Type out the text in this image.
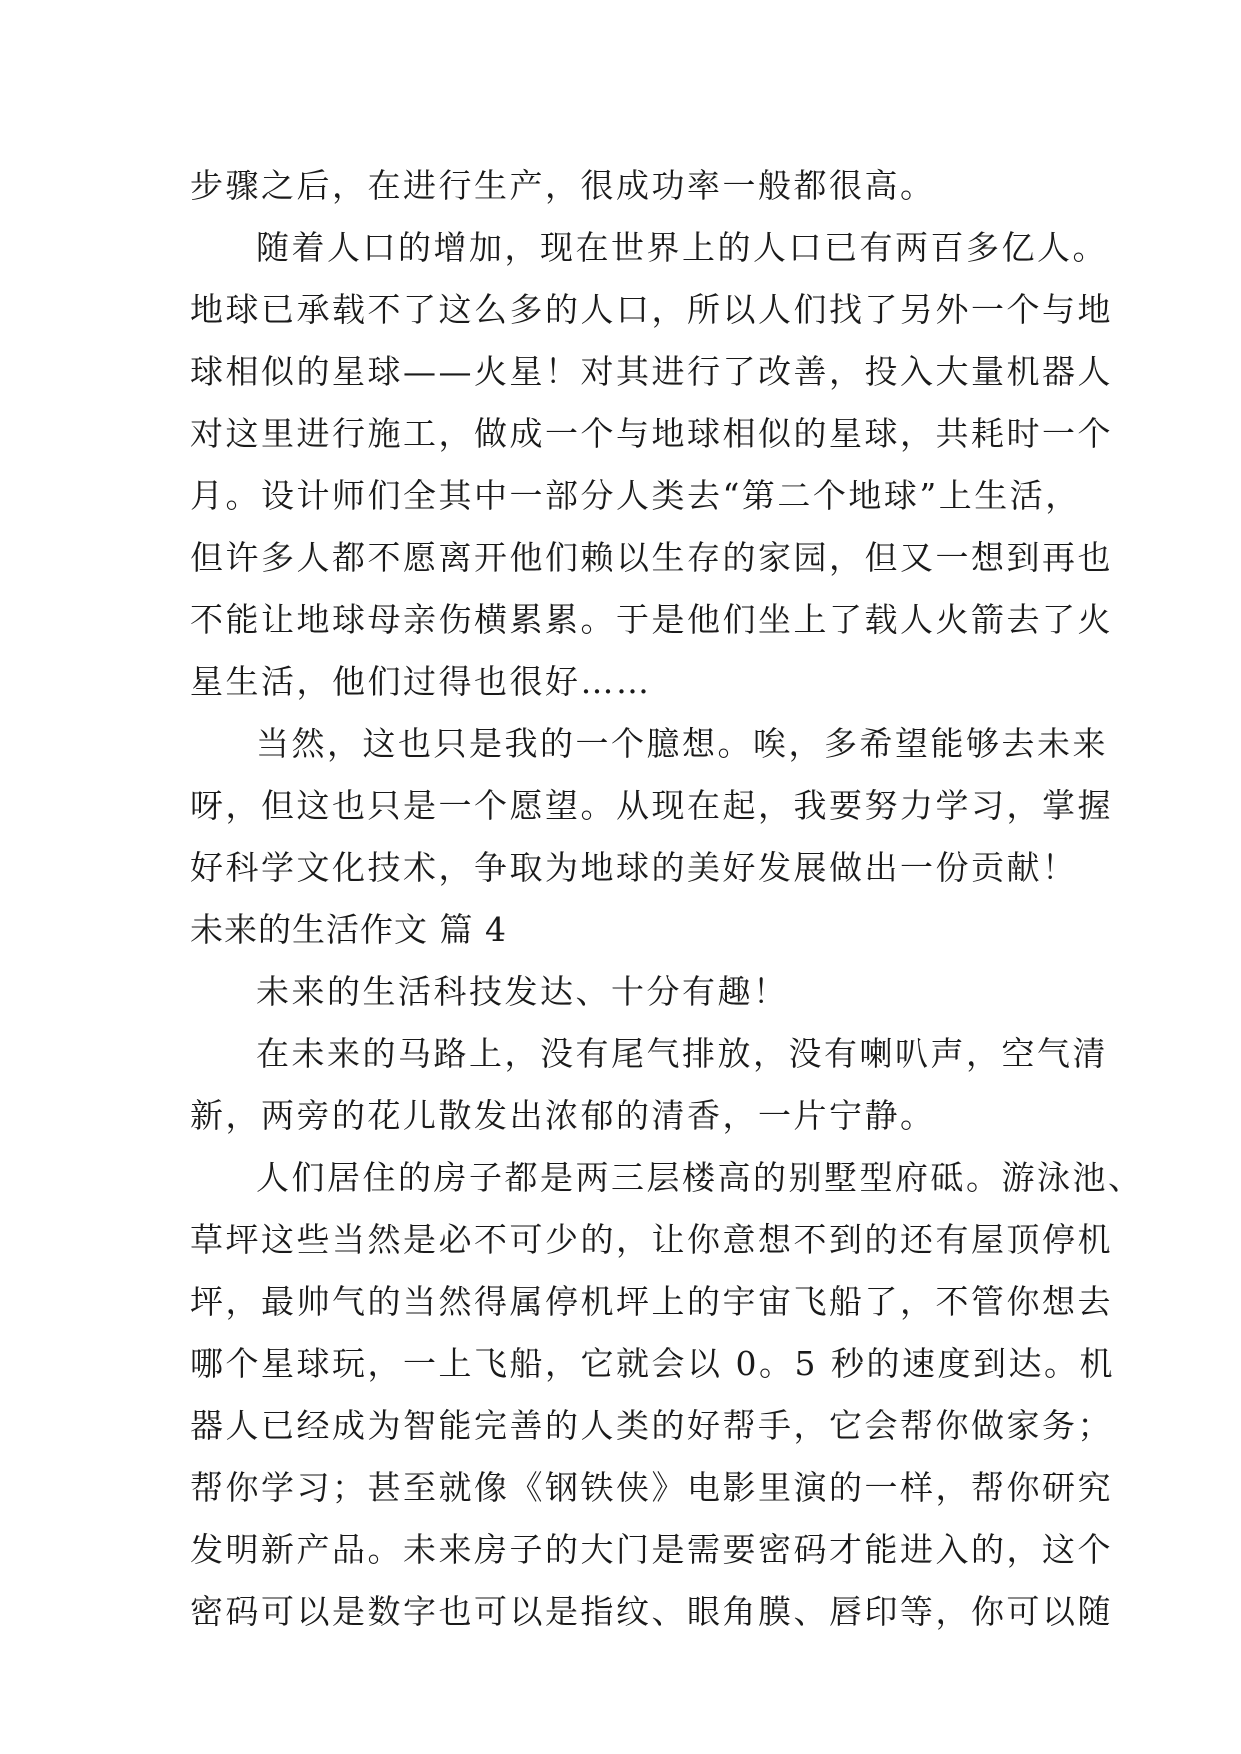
步骤之后，在进行生产，很成功率一般都很高。
随着人口的增加，现在世界上的人口已有两百多亿人。
地球已承载不了这么多的人口，所以人们找了另外一个与地
球相似的星球——火星！对其进行了改善，投入大量机器人
对这里进行施工，做成一个与地球相似的星球，共耗时一个
月。设计师们全其中一部分人类去“第二个地球”上生活，
但许多人都不愿离开他们赖以生存的家园，但又一想到再也
不能让地球母亲伤横累累。于是他们坐上了载人火箭去了火
星生活，他们过得也很好……
当然，这也只是我的一个臆想。唉，多希望能够去未来
呀，但这也只是一个愿望。从现在起，我要努力学习，掌握
好科学文化技术，争取为地球的美好发展做出一份贡献！
未来的生活作文 篇 4
未来的生活科技发达、十分有趣！
在未来的马路上，没有尾气排放，没有喇叭声，空气清
新，两旁的花儿散发出浓郁的清香，一片宁静。
人们居住的房子都是两三层楼高的别墅型府砥。游泳池、
草坪这些当然是必不可少的，让你意想不到的还有屋顶停机
坪，最帅气的当然得属停机坪上的宇宙飞船了，不管你想去
哪个星球玩，一上飞船，它就会以 0。5 秒的速度到达。机
器人已经成为智能完善的人类的好帮手，它会帮你做家务；
帮你学习；甚至就像《钢铁侠》电影里演的一样，帮你研究
发明新产品。未来房子的大门是需要密码才能进入的，这个
密码可以是数字也可以是指纹、眼角膜、唇印等，你可以随
